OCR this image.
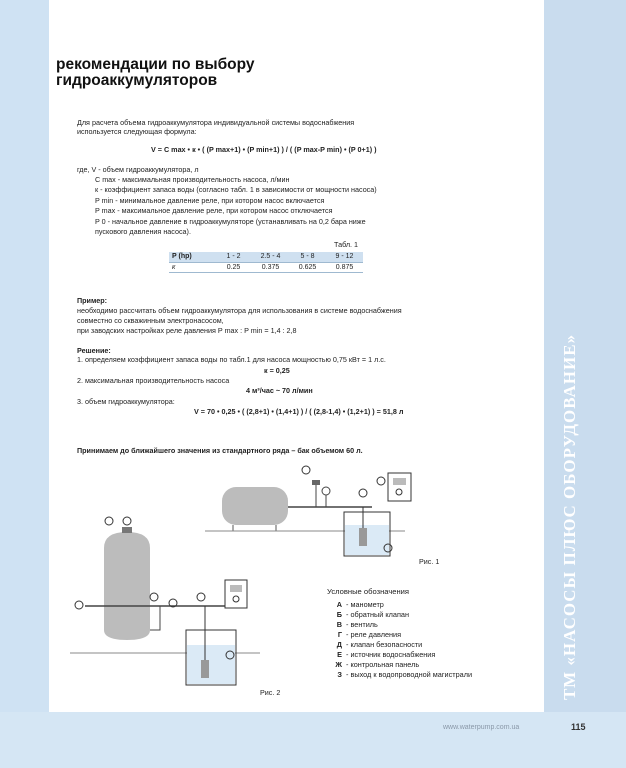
ТМ «НАСОСЫ ПЛЮС ОБОРУДОВАНИЕ»
www.waterpump.com.ua	115
рекомендации по выбору
гидроаккумуляторов
Для расчета объема гидроаккумулятора индивидуальной системы водоснабжения
используется следующая формула:
V = C max • к • ( (P max+1) • (P min+1) ) / ( (P max-P min) • (P 0+1) )
где, V - объем гидроаккумулятора, л
C max - максимальная производительность насоса, л/мин
к - коэффициент запаса воды (согласно табл. 1 в зависимости от мощности насоса)
P min - минимальное давление реле, при котором насос включается
P max - максимальное давление реле, при котором насос отключается
P 0 - начальное давление в гидроаккумуляторе (устанавливать на 0,2 бара ниже
пускового давления насоса).
Табл. 1
P (hp)	1 - 2	2.5 - 4	5 - 8	9 - 12
к	0.25	0.375	0.625	0.875
Пример:
необходимо рассчитать объем гидроаккумулятора для использования в системе водоснабжения
совместно со скважинным электронасосом,
при заводских настройках реле давления P max : P min = 1,4 : 2,8
Решение:
1. определяем коэффициент запаса воды по табл.1 для насоса мощностью 0,75 кВт = 1 л.с.
к = 0,25
2. максимальная производительность насоса
4 м³/час ~ 70 л/мин
3. объем гидроаккумулятора:
V = 70 • 0,25 • ( (2,8+1) • (1,4+1) ) / ( (2,8-1,4) • (1,2+1) ) = 51,8 л
Принимаем до ближайшего значения из стандартного ряда – бак объемом 60 л.
Рис. 1
Рис. 2
Условные обозначения
А - манометр
Б - обратный клапан
В - вентиль
Г - реле давления
Д - клапан безопасности
Е - источник водоснабжения
Ж - контрольная панель
З - выход к водопроводной магистрали
